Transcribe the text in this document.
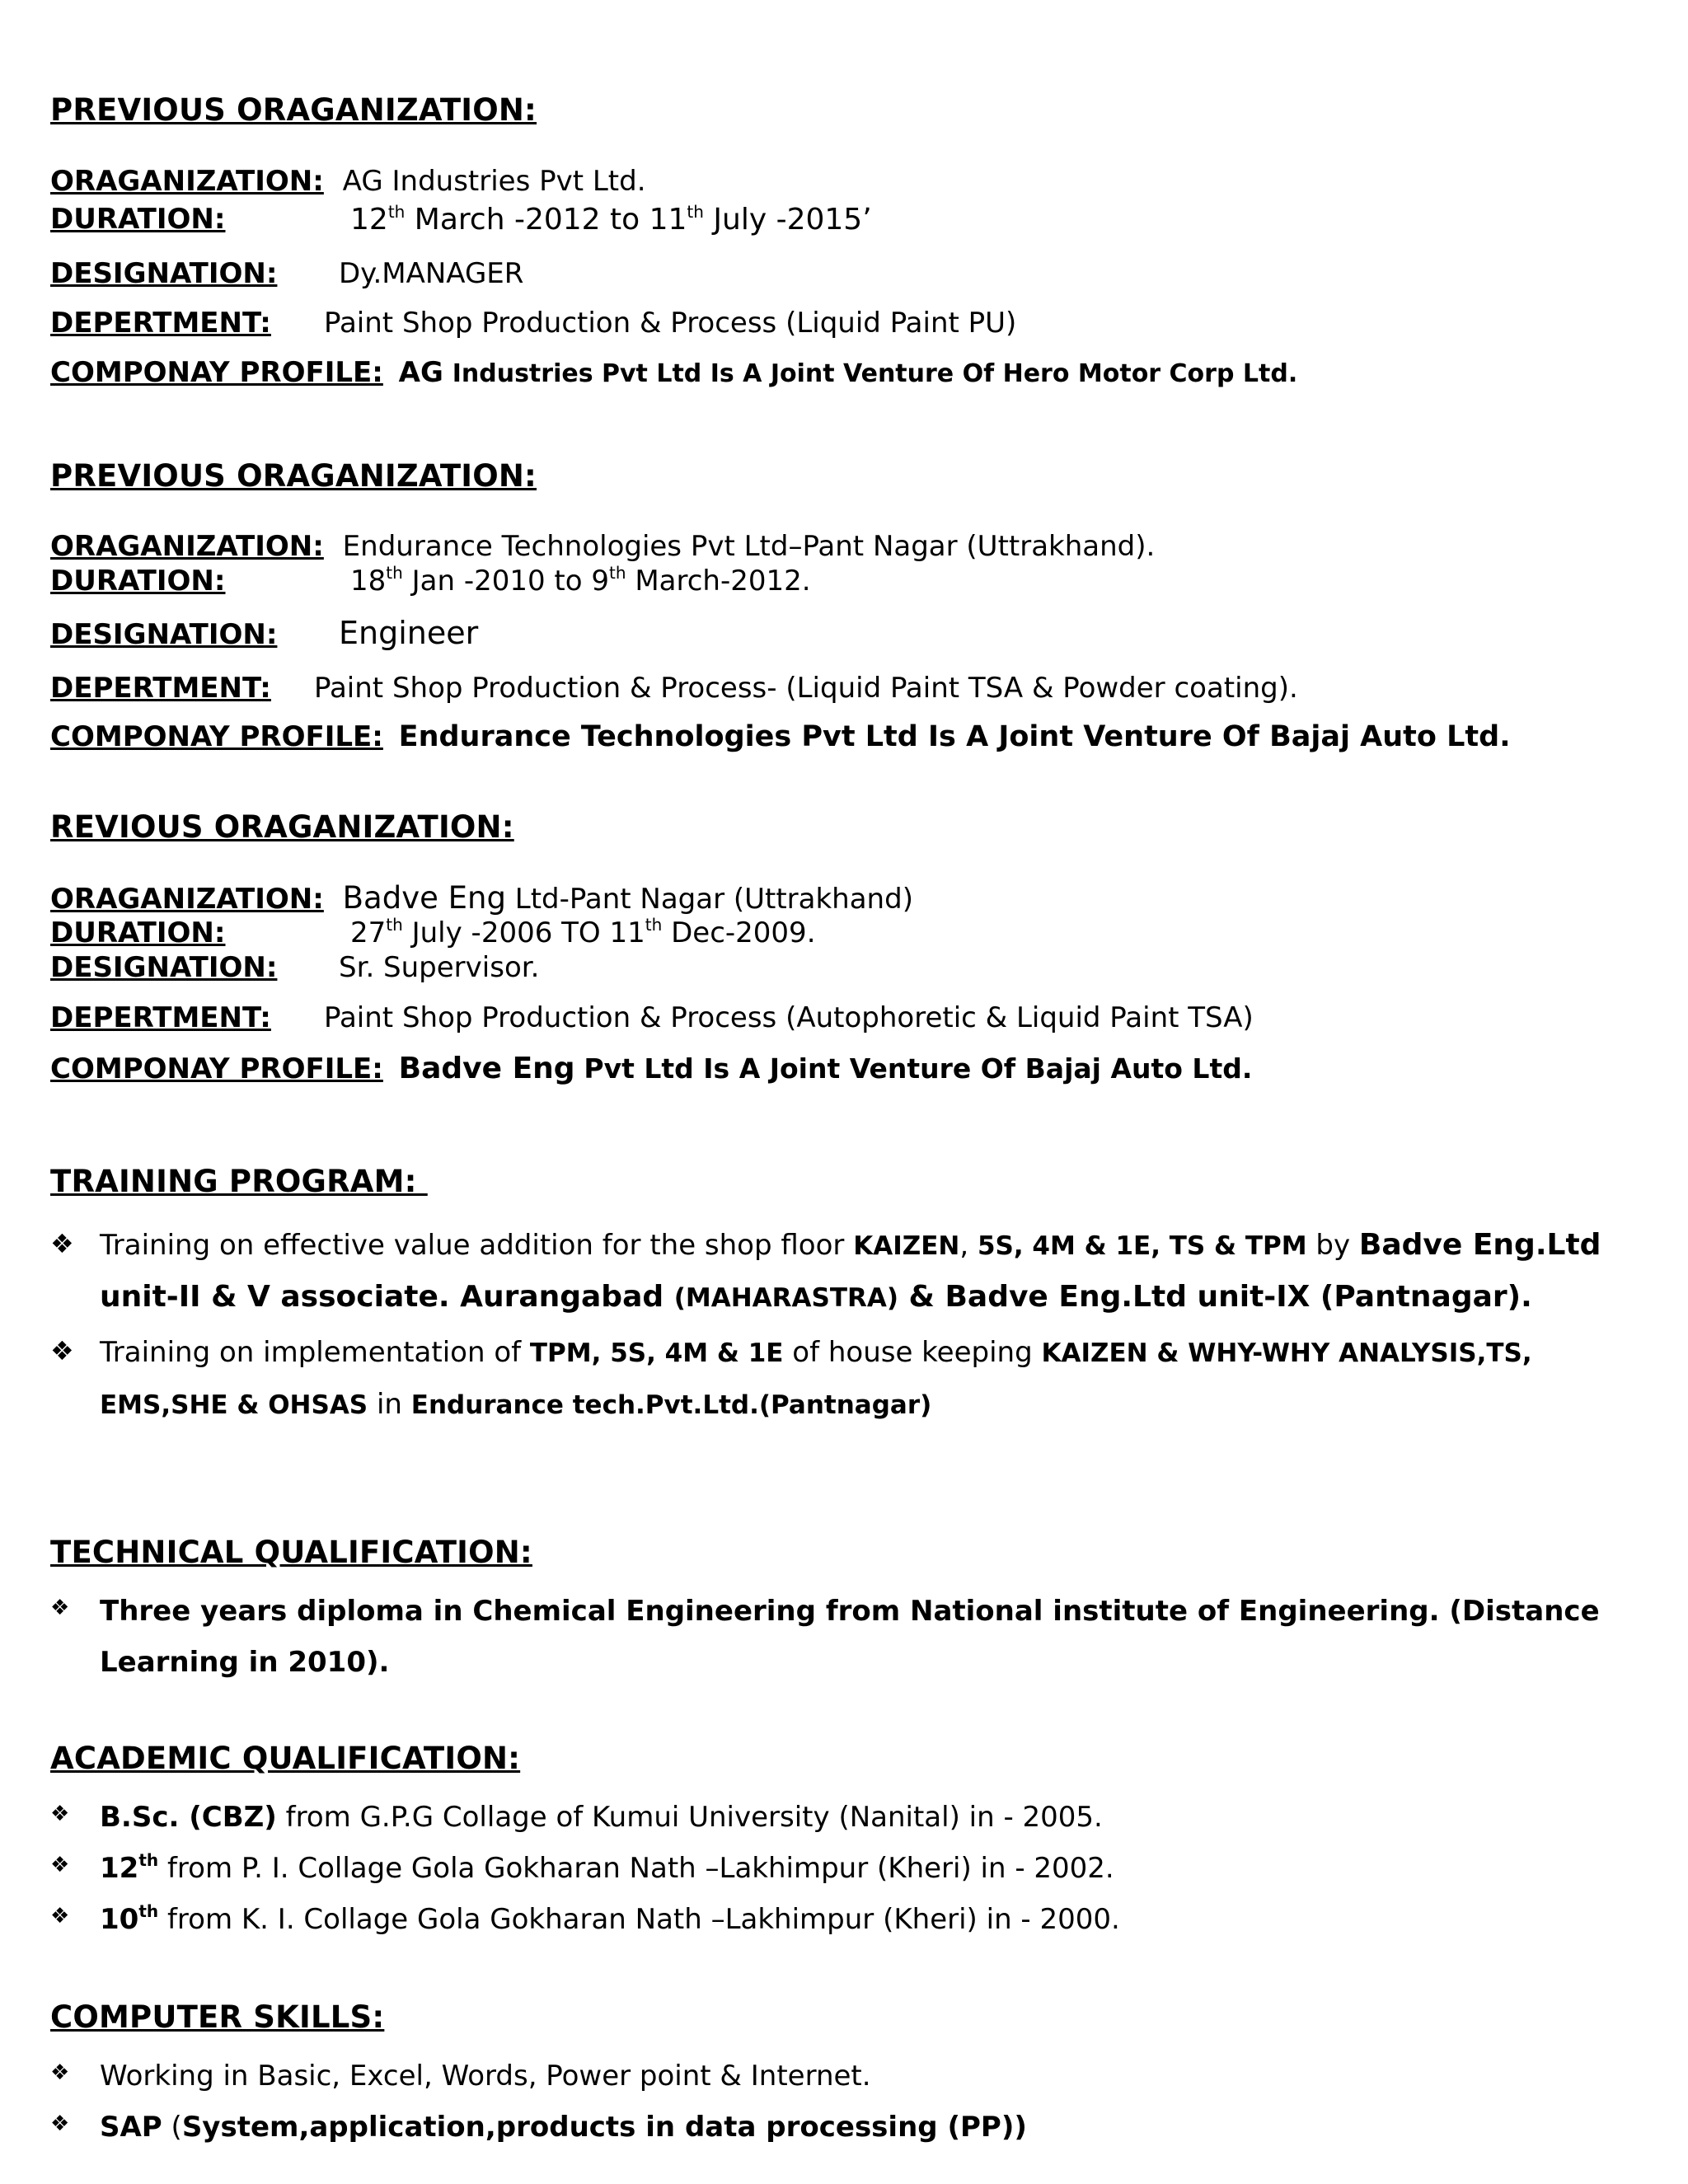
PREVIOUS ORAGANIZATION:
ORAGANIZATION: AG Industries Pvt Ltd.
DURATION:	12th March -2012 to 11th July -2015’
DESIGNATION: Dy.MANAGER
DEPERTMENT: Paint Shop Production & Process (Liquid Paint PU)
COMPONAY PROFILE: AG Industries Pvt Ltd Is A Joint Venture Of Hero Motor Corp Ltd.
PREVIOUS ORAGANIZATION:
ORAGANIZATION: Endurance Technologies Pvt Ltd–Pant Nagar (Uttrakhand).
DURATION:	18th Jan -2010 to 9th March-2012.
DESIGNATION: Engineer
DEPERTMENT: Paint Shop Production & Process- (Liquid Paint TSA & Powder coating).
COMPONAY PROFILE: Endurance Technologies Pvt Ltd Is A Joint Venture Of Bajaj Auto Ltd.
REVIOUS ORAGANIZATION:
ORAGANIZATION: Badve Eng Ltd-Pant Nagar (Uttrakhand)
DURATION:	27th July -2006 TO 11th Dec-2009.
DESIGNATION: Sr. Supervisor.
DEPERTMENT: Paint Shop Production & Process (Autophoretic & Liquid Paint TSA)
COMPONAY PROFILE: Badve Eng Pvt Ltd Is A Joint Venture Of Bajaj Auto Ltd.
TRAINING PROGRAM:
❖ Training on effective value addition for the shop floor KAIZEN, 5S, 4M & 1E, TS & TPM by Badve Eng.Ltd unit-II & V associate. Aurangabad (MAHARASTRA) & Badve Eng.Ltd unit-IX (Pantnagar).
❖ Training on implementation of TPM, 5S, 4M & 1E of house keeping KAIZEN & WHY-WHY ANALYSIS,TS, EMS,SHE & OHSAS in Endurance tech.Pvt.Ltd.(Pantnagar)
TECHNICAL QUALIFICATION:
❖ Three years diploma in Chemical Engineering from National institute of Engineering. (Distance Learning in 2010).
ACADEMIC QUALIFICATION:
❖ B.Sc. (CBZ) from G.P.G Collage of Kumui University (Nanital) in - 2005.
❖ 12th from P. I. Collage Gola Gokharan Nath –Lakhimpur (Kheri) in - 2002.
❖ 10th from K. I. Collage Gola Gokharan Nath –Lakhimpur (Kheri) in - 2000.
COMPUTER SKILLS:
❖ Working in Basic, Excel, Words, Power point & Internet.
❖ SAP (System,application,products in data processing (PP))
